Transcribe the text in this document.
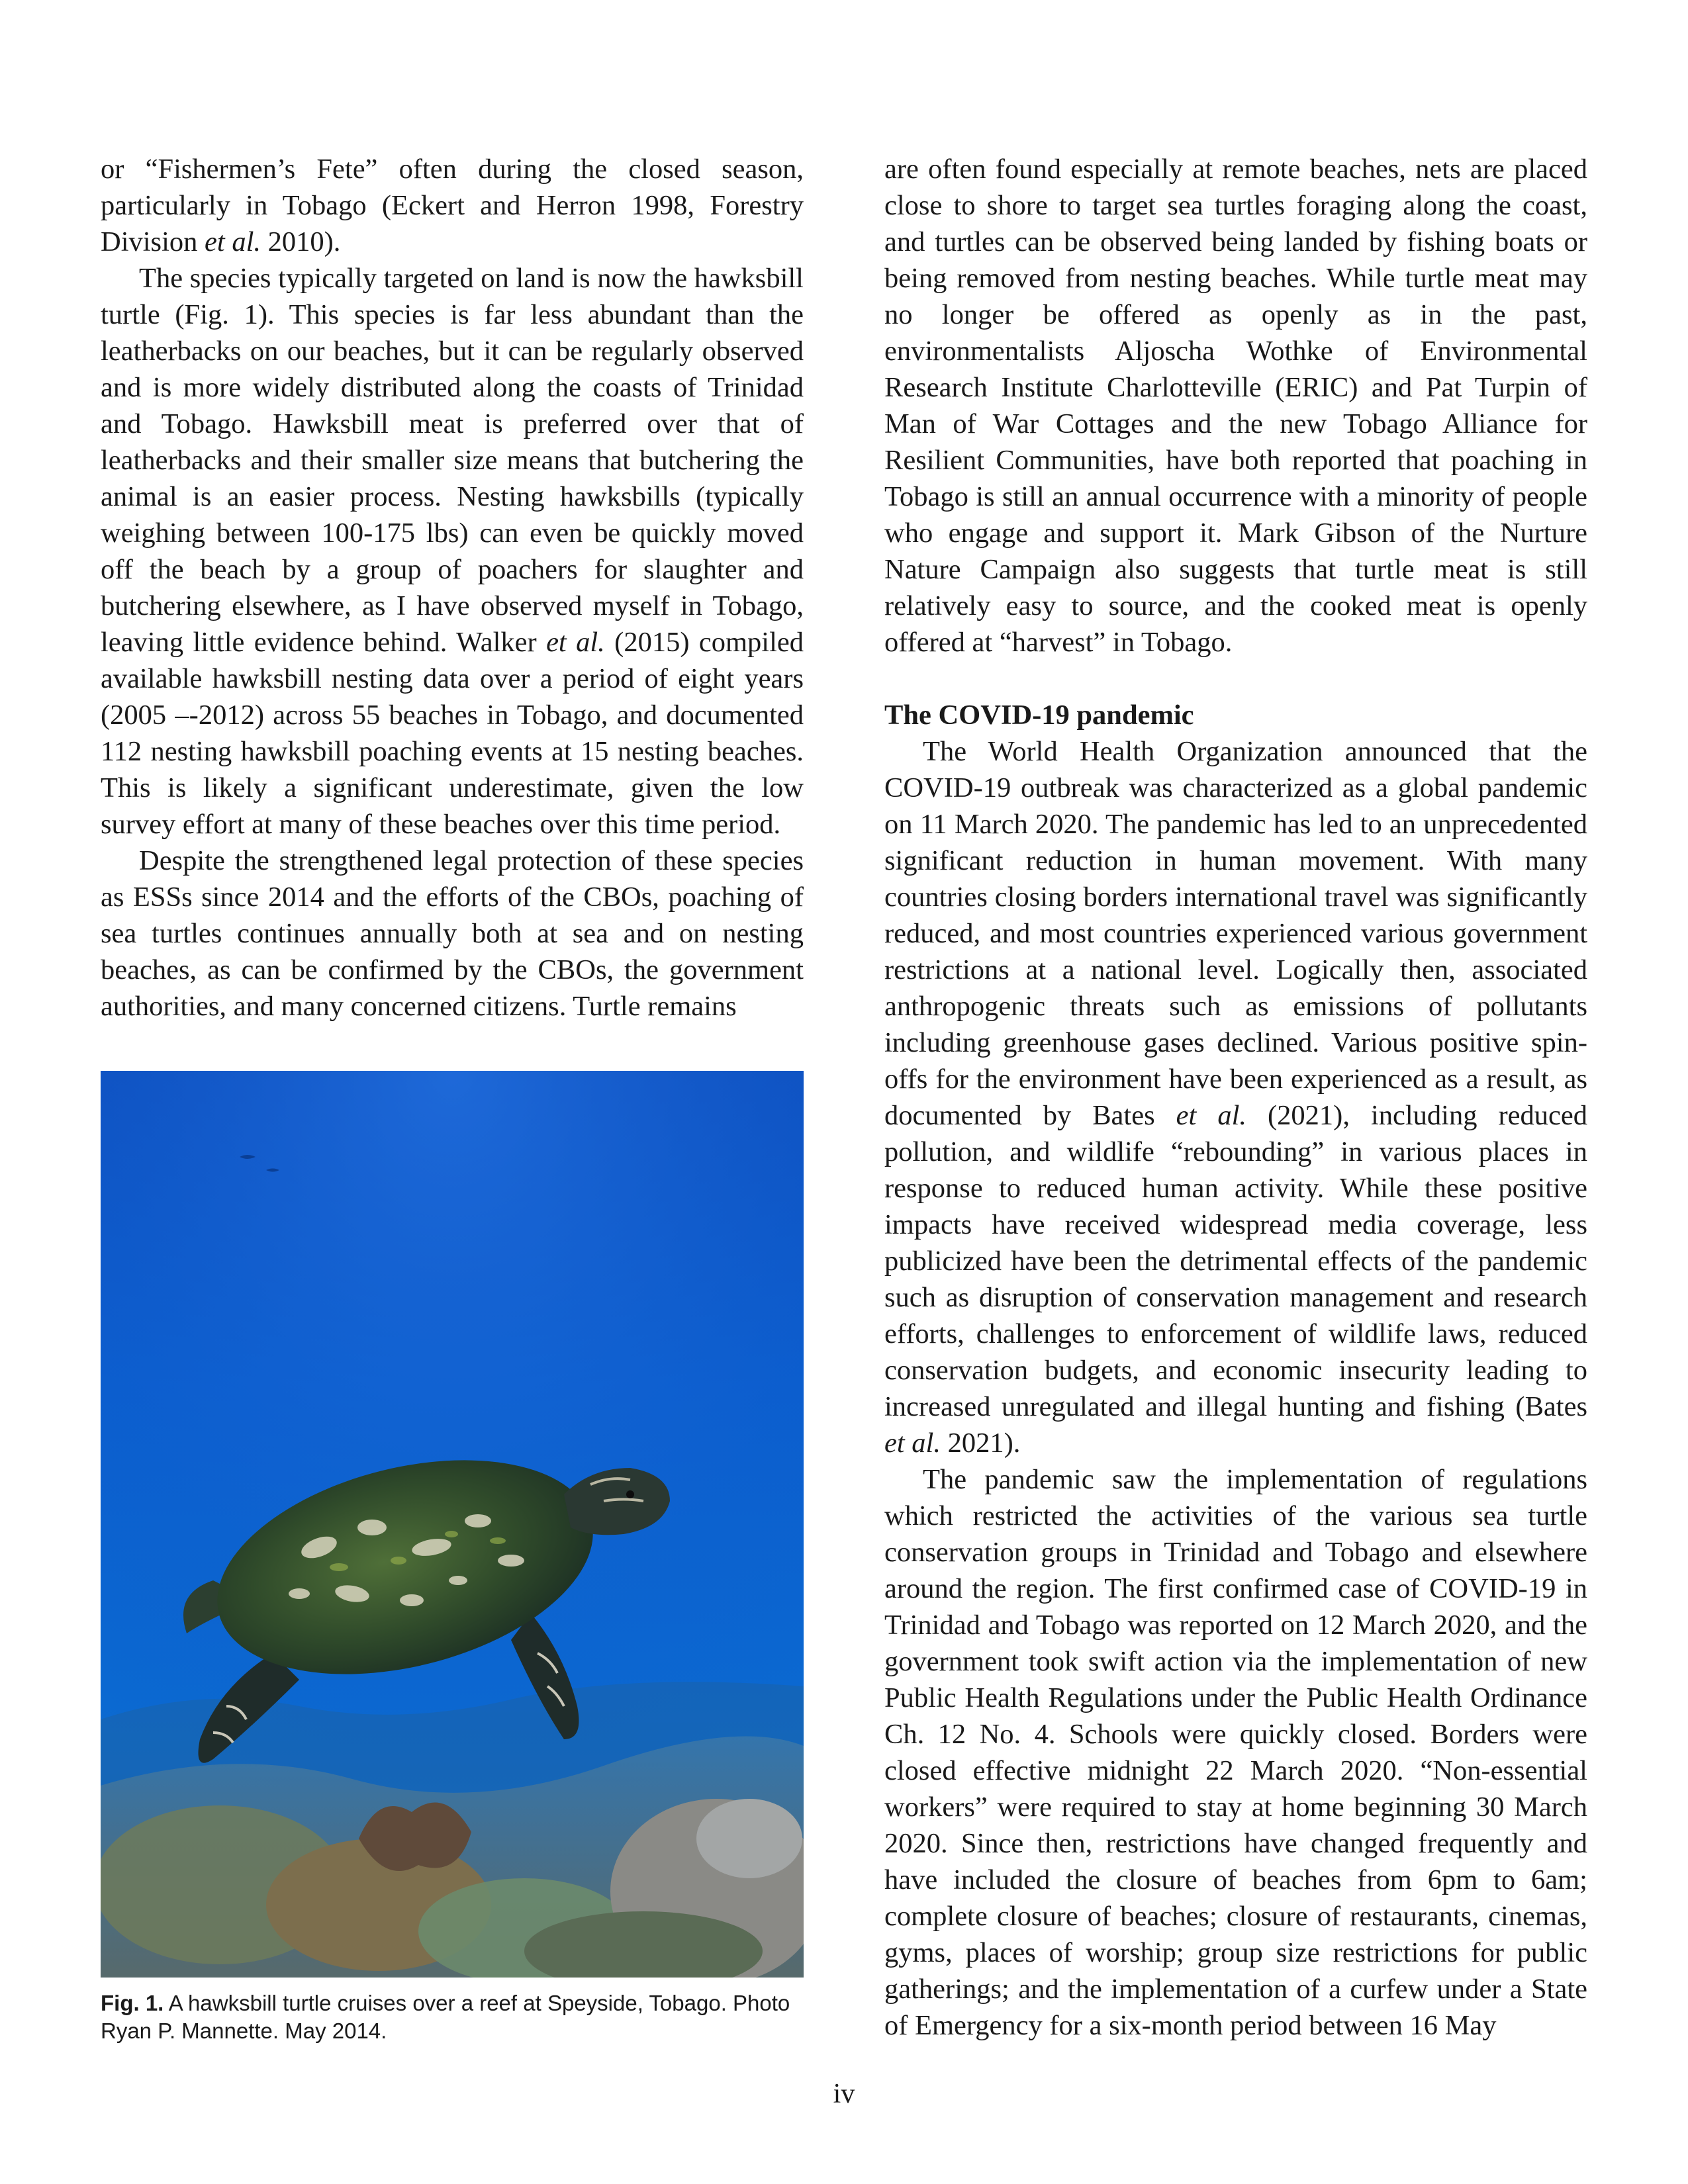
or “Fishermen’s Fete” often during the closed season, particularly in Tobago (Eckert and Herron 1998, Forestry Division et al. 2010).

The species typically targeted on land is now the hawksbill turtle (Fig. 1). This species is far less abundant than the leatherbacks on our beaches, but it can be regularly observed and is more widely distributed along the coasts of Trinidad and Tobago. Hawksbill meat is preferred over that of leatherbacks and their smaller size means that butchering the animal is an easier process. Nesting hawksbills (typically weighing between 100-175 lbs) can even be quickly moved off the beach by a group of poachers for slaughter and butchering elsewhere, as I have observed myself in Tobago, leaving little evidence behind. Walker et al. (2015) compiled available hawksbill nesting data over a period of eight years (2005 –-2012) across 55 beaches in Tobago, and documented 112 nesting hawksbill poaching events at 15 nesting beaches. This is likely a significant underestimate, given the low survey effort at many of these beaches over this time period.

Despite the strengthened legal protection of these species as ESSs since 2014 and the efforts of the CBOs, poaching of sea turtles continues annually both at sea and on nesting beaches, as can be confirmed by the CBOs, the government authorities, and many concerned citizens. Turtle remains

Fig. 1. A hawksbill turtle cruises over a reef at Speyside, Tobago. Photo Ryan P. Mannette. May 2014.

are often found especially at remote beaches, nets are placed close to shore to target sea turtles foraging along the coast, and turtles can be observed being landed by fishing boats or being removed from nesting beaches. While turtle meat may no longer be offered as openly as in the past, environmentalists Aljoscha Wothke of Environmental Research Institute Charlotteville (ERIC) and Pat Turpin of Man of War Cottages and the new Tobago Alliance for Resilient Communities, have both reported that poaching in Tobago is still an annual occurrence with a minority of people who engage and support it. Mark Gibson of the Nurture Nature Campaign also suggests that turtle meat is still relatively easy to source, and the cooked meat is openly offered at “harvest” in Tobago.

The COVID-19 pandemic

The World Health Organization announced that the COVID-19 outbreak was characterized as a global pandemic on 11 March 2020. The pandemic has led to an unprecedented significant reduction in human movement. With many countries closing borders international travel was significantly reduced, and most countries experienced various government restrictions at a national level. Logically then, associated anthropogenic threats such as emissions of pollutants including greenhouse gases declined. Various positive spin-offs for the environment have been experienced as a result, as documented by Bates et al. (2021), including reduced pollution, and wildlife “rebounding” in various places in response to reduced human activity. While these positive impacts have received widespread media coverage, less publicized have been the detrimental effects of the pandemic such as disruption of conservation management and research efforts, challenges to enforcement of wildlife laws, reduced conservation budgets, and economic insecurity leading to increased unregulated and illegal hunting and fishing (Bates et al. 2021).

The pandemic saw the implementation of regulations which restricted the activities of the various sea turtle conservation groups in Trinidad and Tobago and elsewhere around the region. The first confirmed case of COVID-19 in Trinidad and Tobago was reported on 12 March 2020, and the government took swift action via the implementation of new Public Health Regulations under the Public Health Ordinance Ch. 12 No. 4. Schools were quickly closed. Borders were closed effective midnight 22 March 2020. “Non-essential workers” were required to stay at home beginning 30 March 2020. Since then, restrictions have changed frequently and have included the closure of beaches from 6pm to 6am; complete closure of beaches; closure of restaurants, cinemas, gyms, places of worship; group size restrictions for public gatherings; and the implementation of a curfew under a State of Emergency for a six-month period between 16 May

iv
